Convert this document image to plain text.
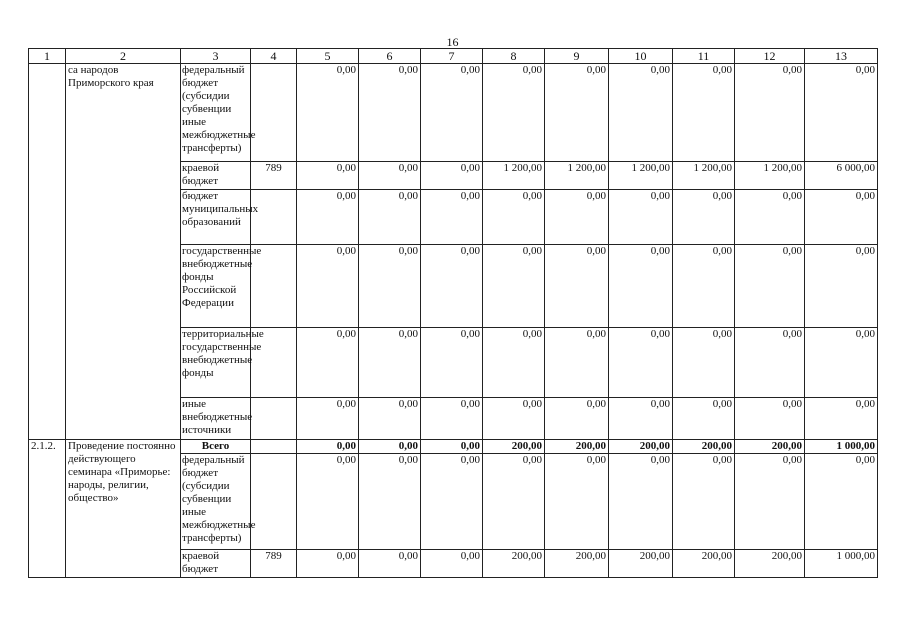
16
1	2	3	4	5	6	7	8	9	10	11	12	13
	са народов Приморского края	федеральный бюджет (субсидии субвенции иные межбюджетные трансферты)		0,00	0,00	0,00	0,00	0,00	0,00	0,00	0,00	0,00
		краевой бюджет	789	0,00	0,00	0,00	1 200,00	1 200,00	1 200,00	1 200,00	1 200,00	6 000,00
		бюджет муниципальных образований		0,00	0,00	0,00	0,00	0,00	0,00	0,00	0,00	0,00
		государственные внебюджетные фонды Российской Федерации		0,00	0,00	0,00	0,00	0,00	0,00	0,00	0,00	0,00
		территориальные государственные внебюджетные фонды		0,00	0,00	0,00	0,00	0,00	0,00	0,00	0,00	0,00
		иные внебюджетные источники		0,00	0,00	0,00	0,00	0,00	0,00	0,00	0,00	0,00
2.1.2.	Проведение постоянно действующего семинара «Приморье: народы, религии, общество»	Всего		0,00	0,00	0,00	200,00	200,00	200,00	200,00	200,00	1 000,00
		федеральный бюджет (субсидии субвенции иные межбюджетные трансферты)		0,00	0,00	0,00	0,00	0,00	0,00	0,00	0,00	0,00
		краевой бюджет	789	0,00	0,00	0,00	200,00	200,00	200,00	200,00	200,00	1 000,00
